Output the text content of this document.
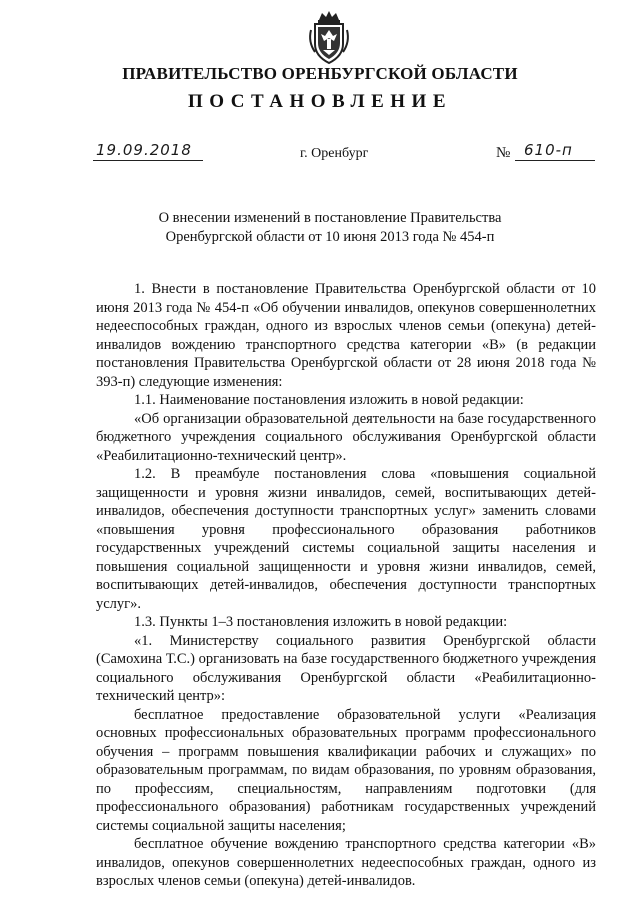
ПРАВИТЕЛЬСТВО ОРЕНБУРГСКОЙ ОБЛАСТИ
ПОСТАНОВЛЕНИЕ
19.09.2018	г. Оренбург	№ 610-п
О внесении изменений в постановление Правительства
Оренбургской области от 10 июня 2013 года № 454-п

1. Внести в постановление Правительства Оренбургской области от 10 июня 2013 года № 454-п «Об обучении инвалидов, опекунов совершеннолетних недееспособных граждан, одного из взрослых членов семьи (опекуна) детей-инвалидов вождению транспортного средства категории «В» (в редакции постановления Правительства Оренбургской области от 28 июня 2018 года № 393-п) следующие изменения:

1.1. Наименование постановления изложить в новой редакции:

«Об организации образовательной деятельности на базе государственного бюджетного учреждения социального обслуживания Оренбургской области «Реабилитационно-технический центр».

1.2. В преамбуле постановления слова «повышения социальной защищенности и уровня жизни инвалидов, семей, воспитывающих детей-инвалидов, обеспечения доступности транспортных услуг» заменить словами «повышения уровня профессионального образования работников государственных учреждений системы социальной защиты населения и повышения социальной защищенности и уровня жизни инвалидов, семей, воспитывающих детей-инвалидов, обеспечения доступности транспортных услуг».

1.3. Пункты 1–3 постановления изложить в новой редакции:

«1. Министерству социального развития Оренбургской области (Самохина Т.С.) организовать на базе государственного бюджетного учреждения социального обслуживания Оренбургской области «Реабилитационно-технический центр»:

бесплатное предоставление образовательной услуги «Реализация основных профессиональных образовательных программ профессионального обучения – программ повышения квалификации рабочих и служащих» по образовательным программам, по видам образования, по уровням образования, по профессиям, специальностям, направлениям подготовки (для профессионального образования) работникам государственных учреждений системы социальной защиты населения;

бесплатное обучение вождению транспортного средства категории «В» инвалидов, опекунов совершеннолетних недееспособных граждан, одного из взрослых членов семьи (опекуна) детей-инвалидов.
